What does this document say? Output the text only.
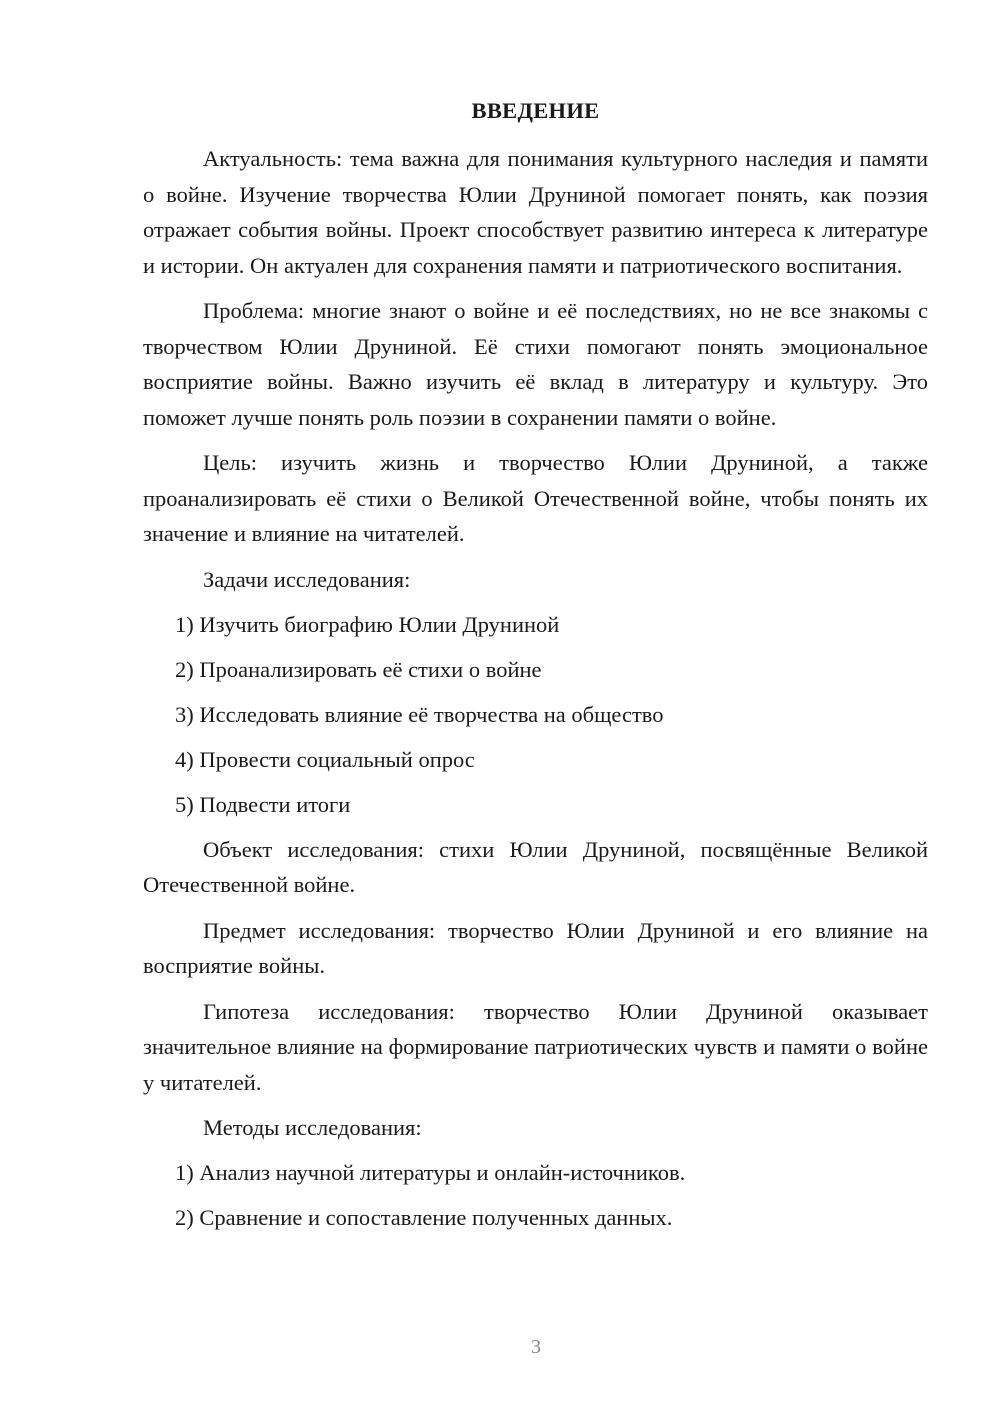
ВВЕДЕНИЕ

Актуальность: тема важна для понимания культурного наследия и памяти о войне. Изучение творчества Юлии Друниной помогает понять, как поэзия отражает события войны. Проект способствует развитию интереса к литературе и истории. Он актуален для сохранения памяти и патриотического воспитания.

Проблема: многие знают о войне и её последствиях, но не все знакомы с творчеством Юлии Друниной. Её стихи помогают понять эмоциональное восприятие войны. Важно изучить её вклад в литературу и культуру. Это поможет лучше понять роль поэзии в сохранении памяти о войне.

Цель: изучить жизнь и творчество Юлии Друниной, а также проанализировать её стихи о Великой Отечественной войне, чтобы понять их значение и влияние на читателей.

Задачи исследования:

1) Изучить биографию Юлии Друниной
2) Проанализировать её стихи о войне
3) Исследовать влияние её творчества на общество
4) Провести социальный опрос
5) Подвести итоги

Объект исследования: стихи Юлии Друниной, посвящённые Великой Отечественной войне.

Предмет исследования: творчество Юлии Друниной и его влияние на восприятие войны.

Гипотеза исследования: творчество Юлии Друниной оказывает значительное влияние на формирование патриотических чувств и памяти о войне у читателей.

Методы исследования:

1) Анализ научной литературы и онлайн-источников.
2) Сравнение и сопоставление полученных данных.
3
